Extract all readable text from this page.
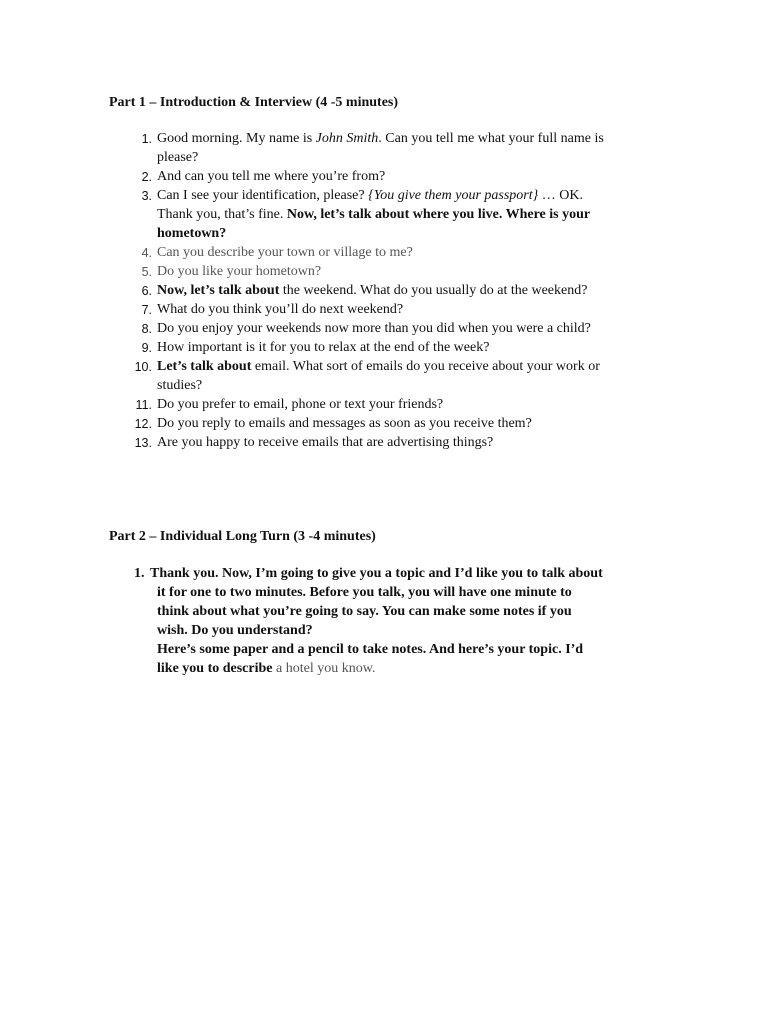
Part 1 – Introduction & Interview (4 -5 minutes)
1. Good morning. My name is John Smith. Can you tell me what your full name is please?
2. And can you tell me where you’re from?
3. Can I see your identification, please? {You give them your passport} … OK. Thank you, that’s fine. Now, let’s talk about where you live. Where is your hometown?
4. Can you describe your town or village to me?
5. Do you like your hometown?
6. Now, let’s talk about the weekend. What do you usually do at the weekend?
7. What do you think you’ll do next weekend?
8. Do you enjoy your weekends now more than you did when you were a child?
9. How important is it for you to relax at the end of the week?
10. Let’s talk about email. What sort of emails do you receive about your work or studies?
11. Do you prefer to email, phone or text your friends?
12. Do you reply to emails and messages as soon as you receive them?
13. Are you happy to receive emails that are advertising things?
Part 2 – Individual Long Turn (3 -4 minutes)
1. Thank you. Now, I’m going to give you a topic and I’d like you to talk about it for one to two minutes. Before you talk, you will have one minute to think about what you’re going to say. You can make some notes if you wish. Do you understand?
Here’s some paper and a pencil to take notes. And here’s your topic. I’d like you to describe a hotel you know.
